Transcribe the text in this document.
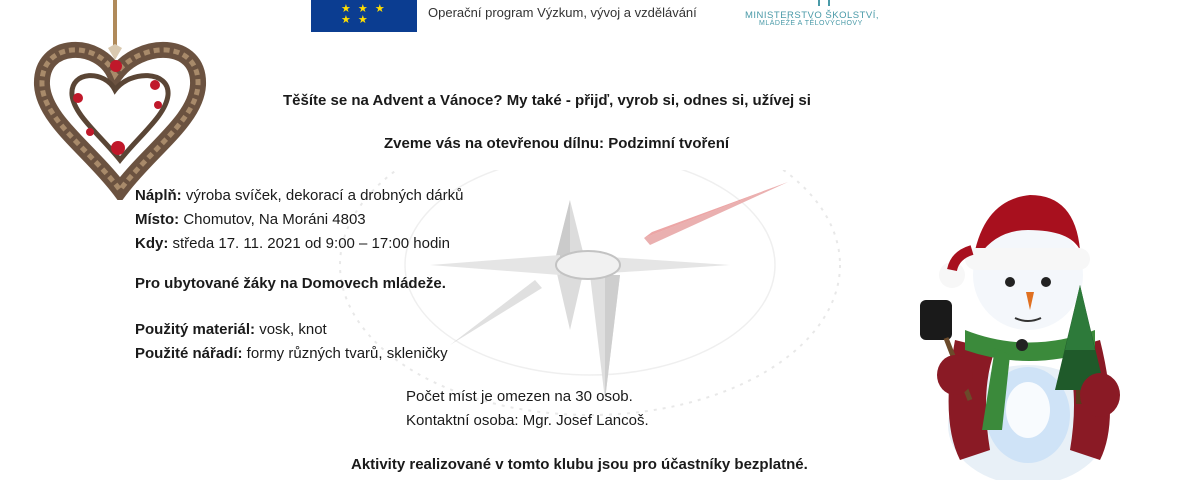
★ ★ ★
★ ★	Operační program Výzkum, vývoj a vzdělávání	MINISTERSTVO ŠKOLSTVÍ,
MLÁDEŽE A TĚLOVÝCHOVY
Těšíte se na Advent a Vánoce? My také - přijď, vyrob si, odnes si, užívej si
Zveme vás na otevřenou dílnu: Podzimní tvoření
Náplň: výroba svíček, dekorací a drobných dárků
Místo: Chomutov, Na Moráni 4803
Kdy: středa 17. 11. 2021 od 9:00 – 17:00 hodin
Pro ubytované žáky na Domovech mládeže.
Použitý materiál: vosk, knot
Použité nářadí: formy různých tvarů, skleničky
Počet míst je omezen na 30 osob.
Kontaktní osoba: Mgr. Josef Lancoš.
Aktivity realizované v tomto klubu jsou pro účastníky bezplatné.
